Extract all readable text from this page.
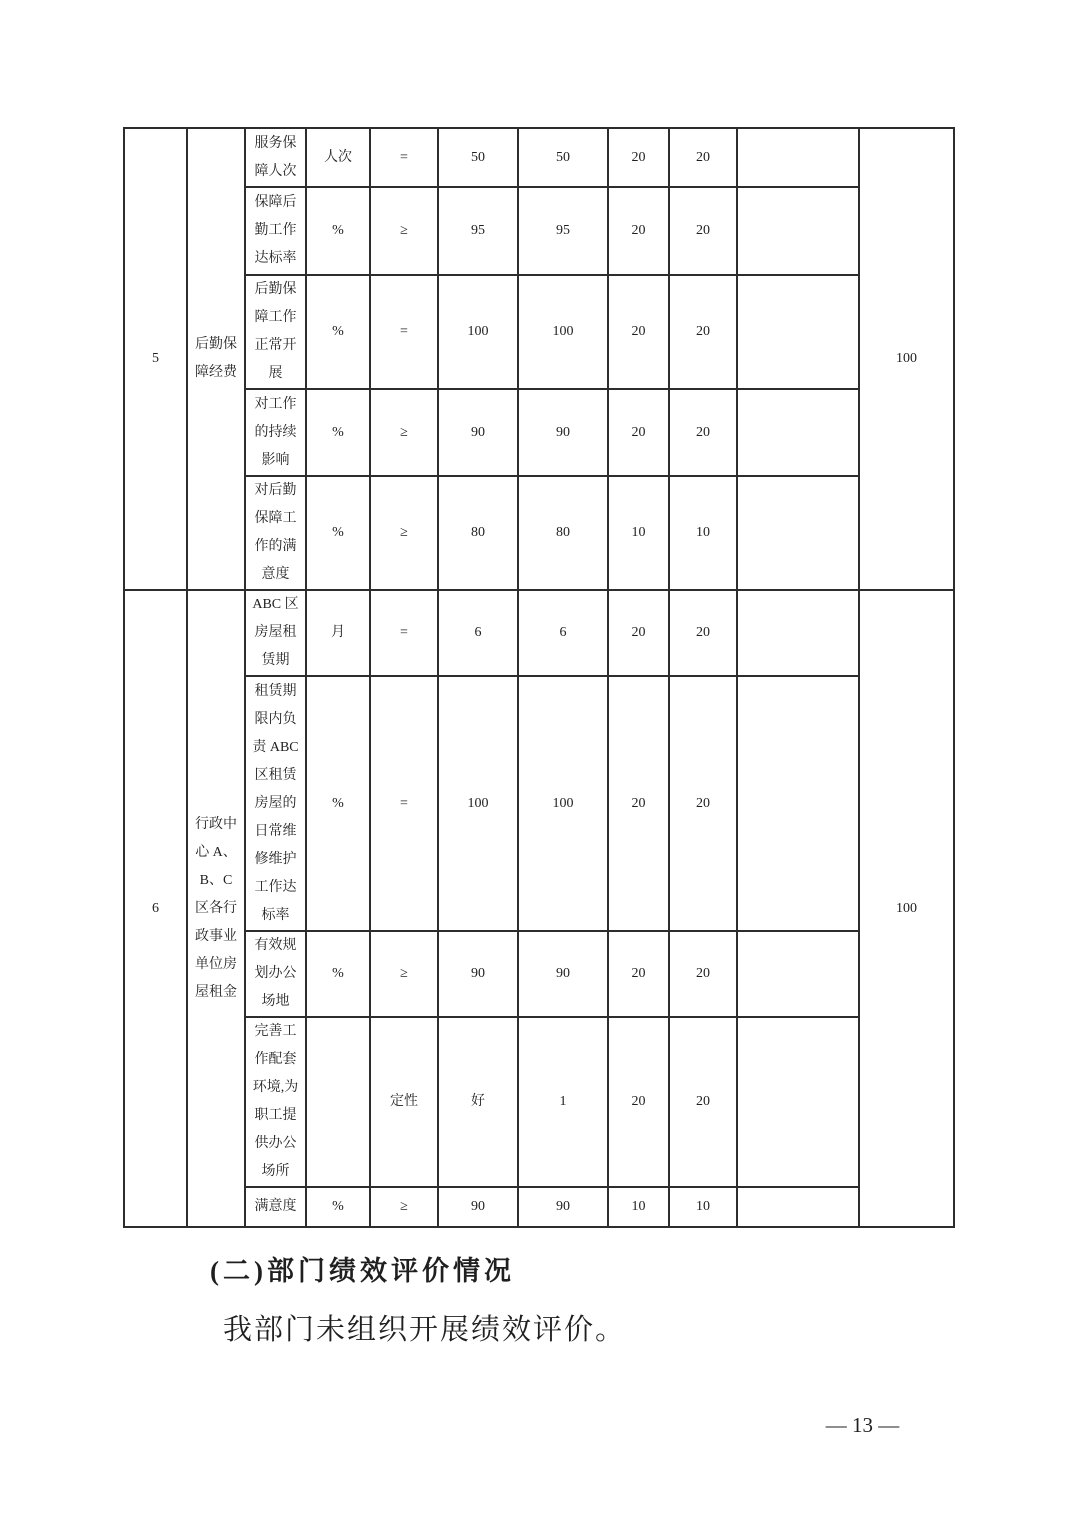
5	后勤保障经费	服务保障人次	人次	=	50	50	20	20		100
		保障后勤工作达标率	%	≥	95	95	20	20		
		后勤保障工作正常开展	%	=	100	100	20	20		
		对工作的持续影响	%	≥	90	90	20	20		
		对后勤保障工作的满意度	%	≥	80	80	10	10		
6	行政中心 A、B、C 区各行政事业单位房屋租金	ABC 区房屋租赁期	月	=	6	6	20	20		100
		租赁期限内负责 ABC 区租赁房屋的日常维修维护工作达标率	%	=	100	100	20	20		
		有效规划办公场地	%	≥	90	90	20	20		
		完善工作配套环境,为职工提供办公场所		定性	好	1	20	20		
		满意度	%	≥	90	90	10	10		
(二)部门绩效评价情况
我部门未组织开展绩效评价。
— 13 —
